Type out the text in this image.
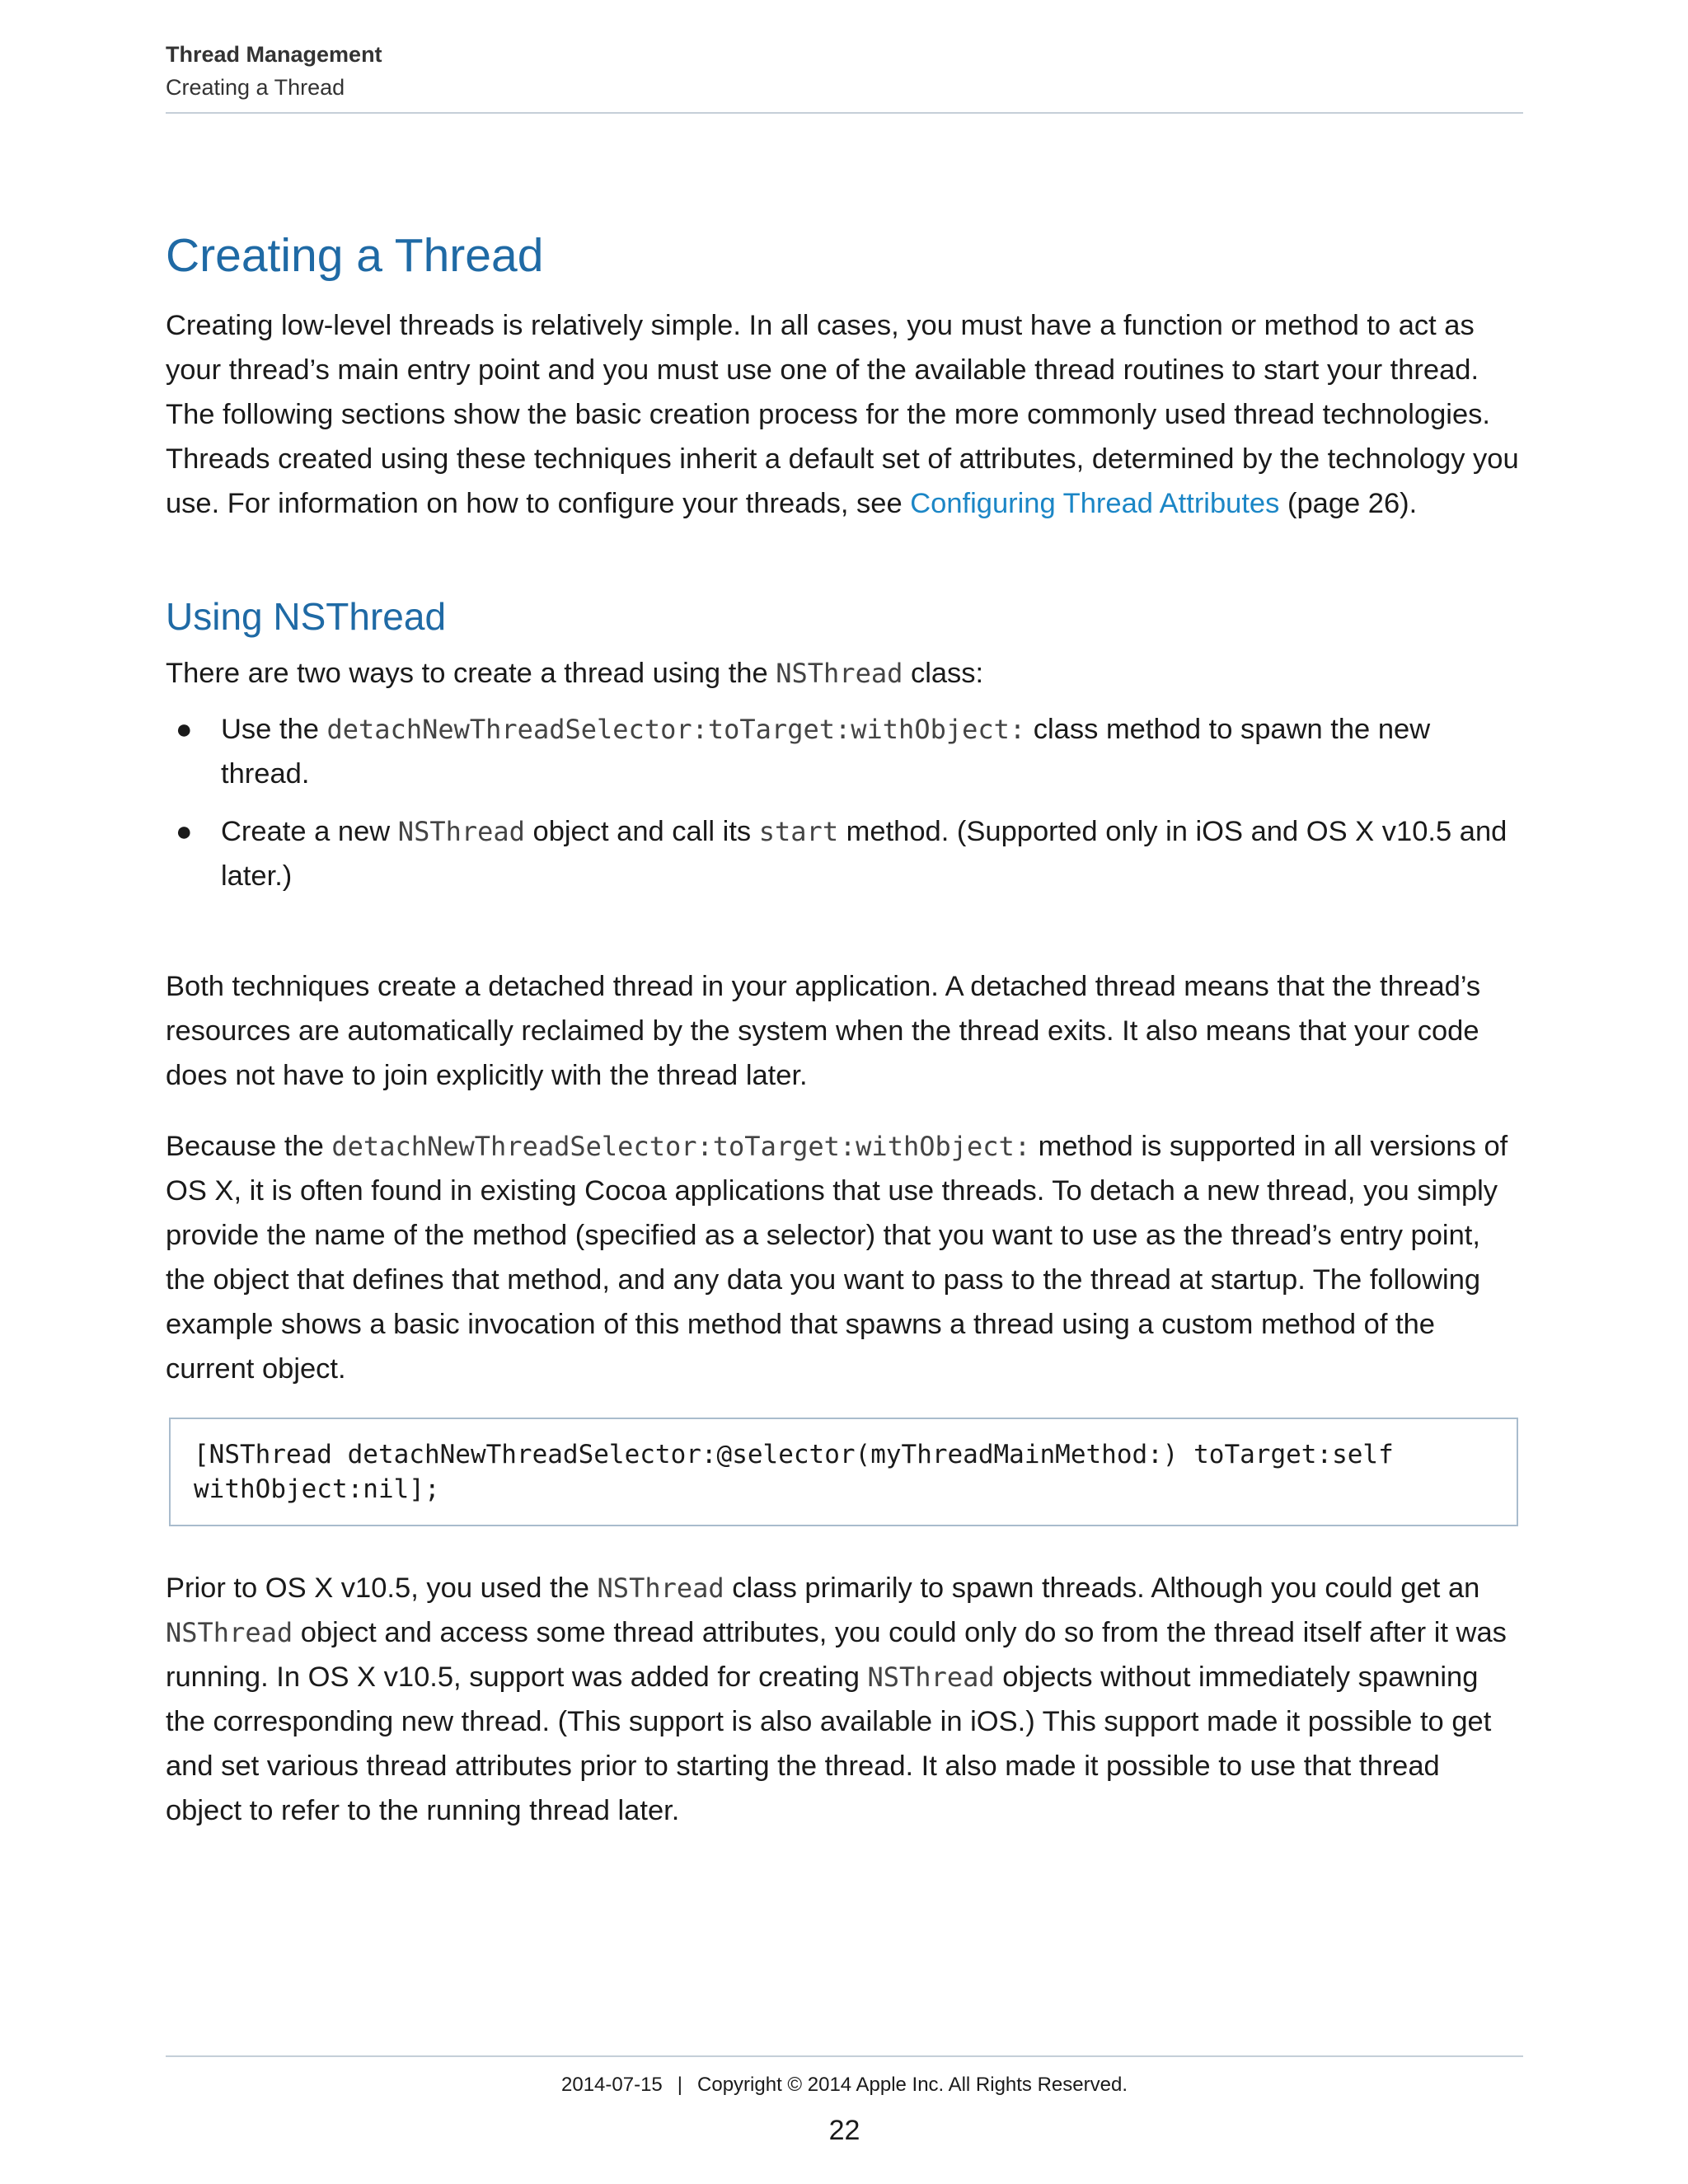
Thread Management
Creating a Thread
Creating a Thread

Creating low-level threads is relatively simple. In all cases, you must have a function or method to act as your thread’s main entry point and you must use one of the available thread routines to start your thread. The following sections show the basic creation process for the more commonly used thread technologies. Threads created using these techniques inherit a default set of attributes, determined by the technology you use. For information on how to configure your threads, see Configuring Thread Attributes (page 26).

Using NSThread

There are two ways to create a thread using the NSThread class:

● Use the detachNewThreadSelector:toTarget:withObject: class method to spawn the new thread.
● Create a new NSThread object and call its start method. (Supported only in iOS and OS X v10.5 and later.)

Both techniques create a detached thread in your application. A detached thread means that the thread’s resources are automatically reclaimed by the system when the thread exits. It also means that your code does not have to join explicitly with the thread later.

Because the detachNewThreadSelector:toTarget:withObject: method is supported in all versions of OS X, it is often found in existing Cocoa applications that use threads. To detach a new thread, you simply provide the name of the method (specified as a selector) that you want to use as the thread’s entry point, the object that defines that method, and any data you want to pass to the thread at startup. The following example shows a basic invocation of this method that spawns a thread using a custom method of the current object.

[NSThread detachNewThreadSelector:@selector(myThreadMainMethod:) toTarget:self
withObject:nil];

Prior to OS X v10.5, you used the NSThread class primarily to spawn threads. Although you could get an NSThread object and access some thread attributes, you could only do so from the thread itself after it was running. In OS X v10.5, support was added for creating NSThread objects without immediately spawning the corresponding new thread. (This support is also available in iOS.) This support made it possible to get and set various thread attributes prior to starting the thread. It also made it possible to use that thread object to refer to the running thread later.

2014-07-15 | Copyright © 2014 Apple Inc. All Rights Reserved.
22
